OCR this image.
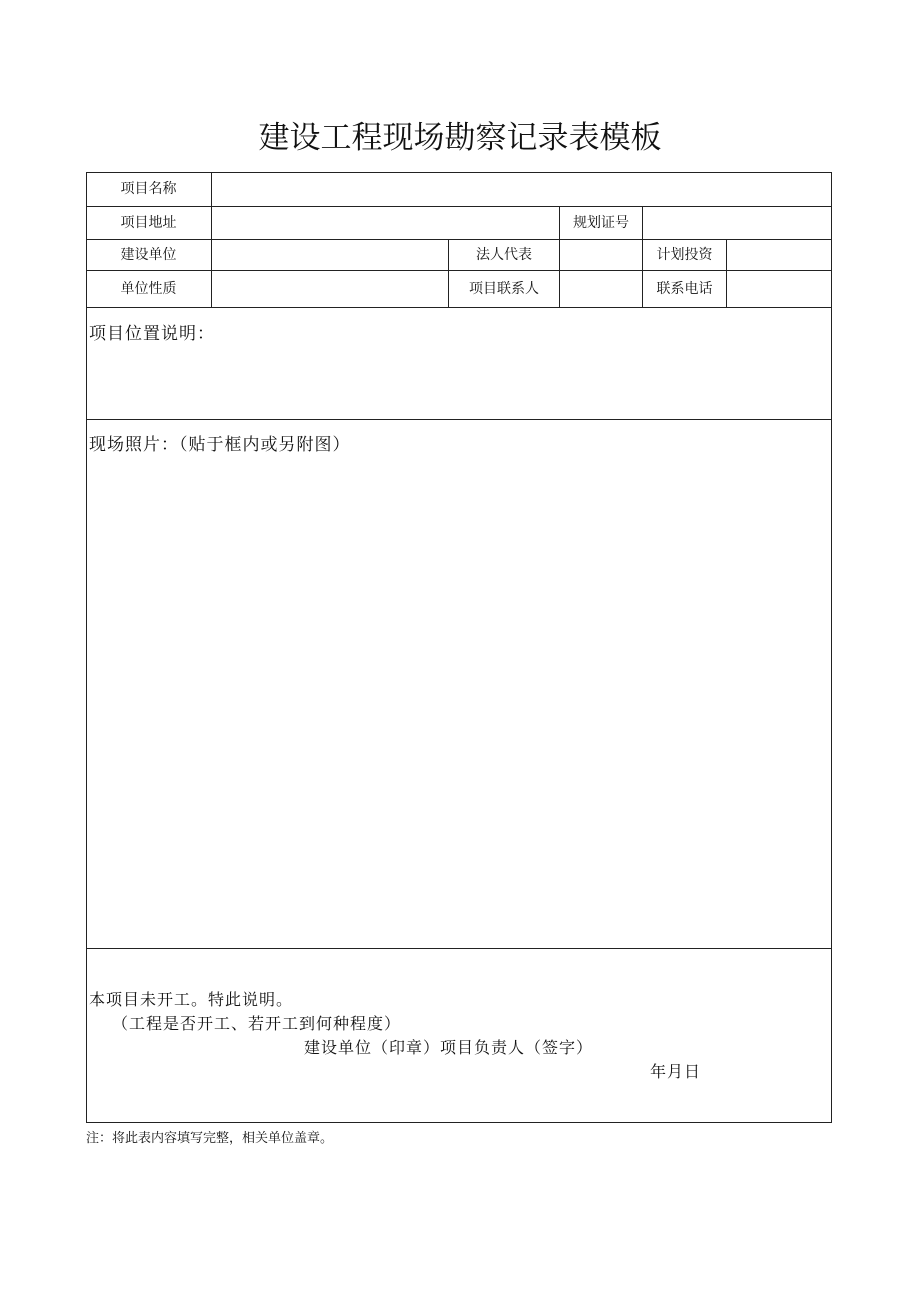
建设工程现场勘察记录表模板
项目名称
项目地址	规划证号
建设单位	法人代表	计划投资
单位性质	项目联系人	联系电话
项目位置说明：
现场照片：（贴于框内或另附图）
本项目未开工。特此说明。
（工程是否开工、若开工到何种程度）
建设单位（印章）项目负责人（签字）
年月日
注：将此表内容填写完整，相关单位盖章。
